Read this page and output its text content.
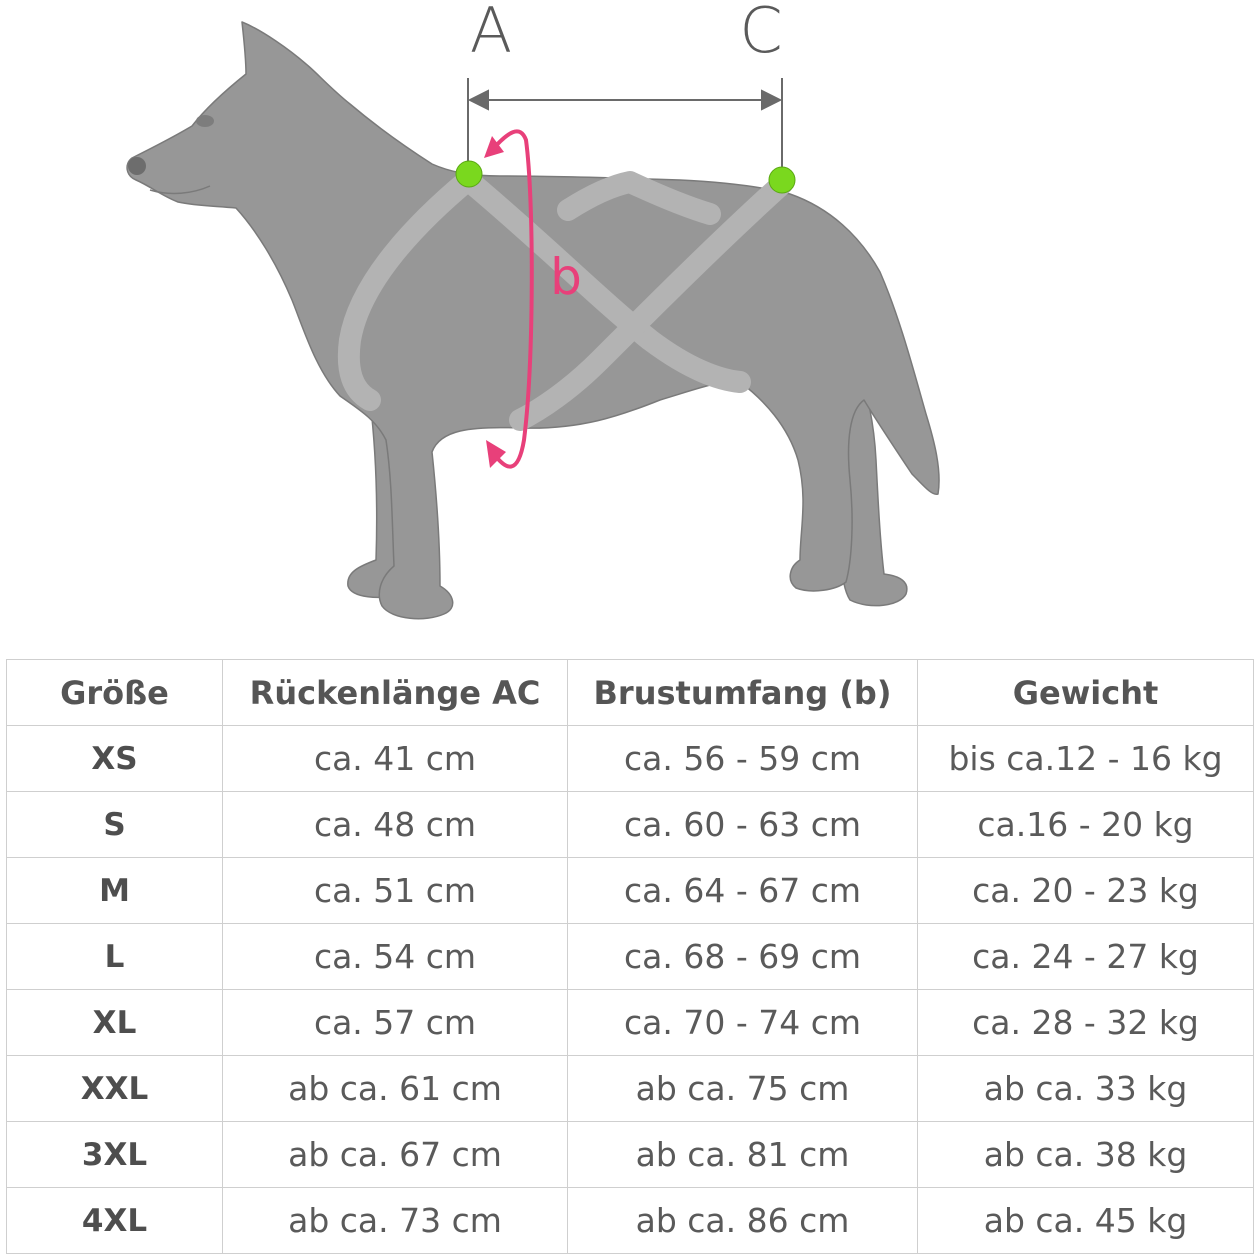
A	C
b
Größe	Rückenlänge AC	Brustumfang (b)	Gewicht
XS	ca. 41 cm	ca. 56 - 59 cm	bis ca.12 - 16 kg
S	ca. 48 cm	ca. 60 - 63 cm	ca.16 - 20 kg
M	ca. 51 cm	ca. 64 - 67 cm	ca. 20 - 23 kg
L	ca. 54 cm	ca. 68 - 69 cm	ca. 24 - 27 kg
XL	ca. 57 cm	ca. 70 - 74 cm	ca. 28 - 32 kg
XXL	ab ca. 61 cm	ab ca. 75 cm	ab ca. 33 kg
3XL	ab ca. 67 cm	ab ca. 81 cm	ab ca. 38 kg
4XL	ab ca. 73 cm	ab ca. 86 cm	ab ca. 45 kg
